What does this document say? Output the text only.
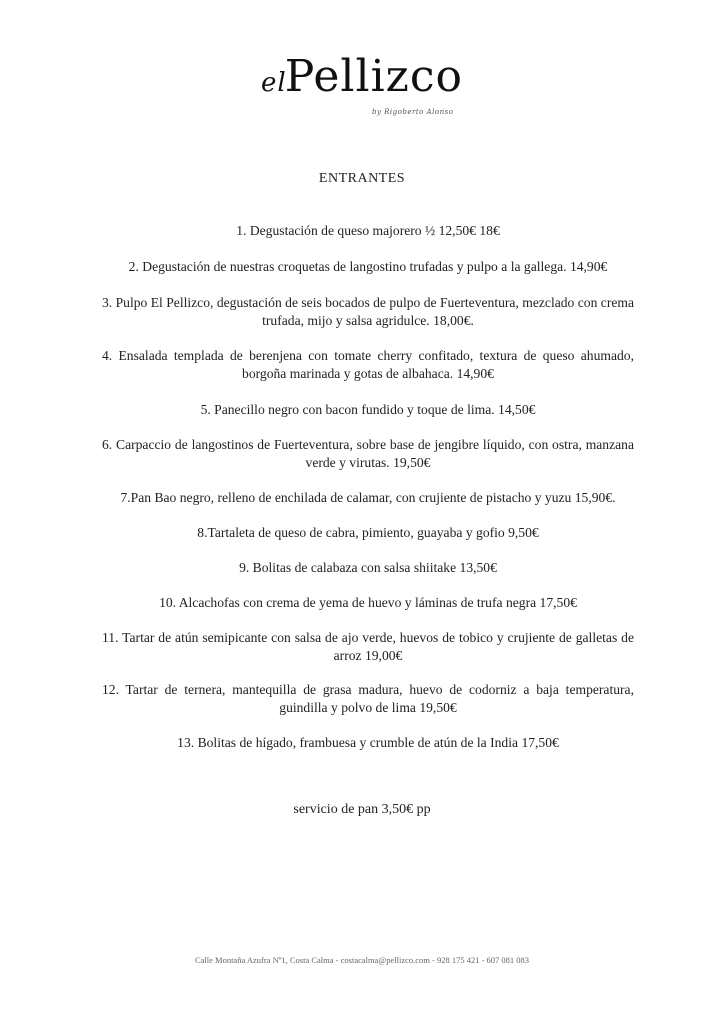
elPellizco
by Rigoberto Alonso
ENTRANTES
1. Degustación de queso majorero ½ 12,50€ 18€
2. Degustación de nuestras croquetas de langostino trufadas y pulpo a la gallega. 14,90€
3. Pulpo El Pellizco, degustación de seis bocados de pulpo de Fuerteventura, mezclado con crema trufada, mijo y salsa agridulce. 18,00€.
4. Ensalada templada de berenjena con tomate cherry confitado, textura de queso ahumado, borgoña marinada y gotas de albahaca. 14,90€
5. Panecillo negro con bacon fundido y toque de lima. 14,50€
6. Carpaccio de langostinos de Fuerteventura, sobre base de jengibre líquido, con ostra, manzana verde y virutas. 19,50€
7.Pan Bao negro, relleno de enchilada de calamar, con crujiente de pistacho y yuzu 15,90€.
8.Tartaleta de queso de cabra, pimiento, guayaba y gofio 9,50€
9. Bolitas de calabaza con salsa shiitake 13,50€
10. Alcachofas con crema de yema de huevo y láminas de trufa negra 17,50€
11. Tartar de atún semipicante con salsa de ajo verde, huevos de tobico y crujiente de galletas de arroz 19,00€
12. Tartar de ternera, mantequilla de grasa madura, huevo de codorniz a baja temperatura, guindilla y polvo de lima 19,50€
13. Bolitas de hígado, frambuesa y crumble de atún de la India 17,50€
servicio de pan 3,50€ pp
Calle Montaña Azufra Nº1, Costa Calma - costacalma@pellizco.com - 928 175 421 - 607 081 083
